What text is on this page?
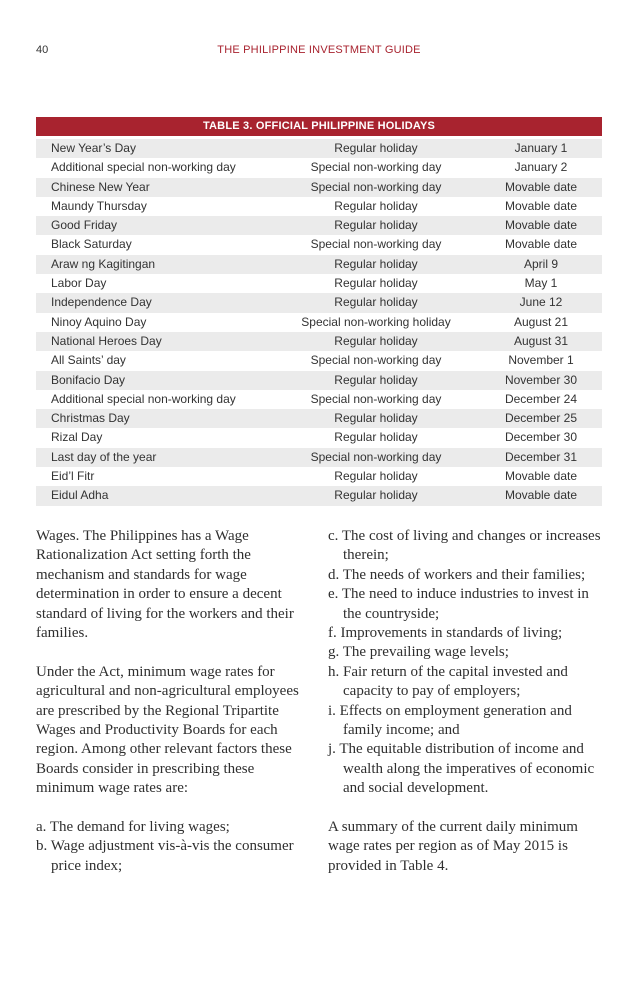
40	THE PHILIPPINE INVESTMENT GUIDE
TABLE 3. OFFICIAL PHILIPPINE HOLIDAYS
New Year’s Day	Regular holiday	January 1
Additional special non-working day	Special non-working day	January 2
Chinese New Year	Special non-working day	Movable date
Maundy Thursday	Regular holiday	Movable date
Good Friday	Regular holiday	Movable date
Black Saturday	Special non-working day	Movable date
Araw ng Kagitingan	Regular holiday	April 9
Labor Day	Regular holiday	May 1
Independence Day	Regular holiday	June 12
Ninoy Aquino Day	Special non-working holiday	August 21
National Heroes Day	Regular holiday	August 31
All Saints’ day	Special non-working day	November 1
Bonifacio Day	Regular holiday	November 30
Additional special non-working day	Special non-working day	December 24
Christmas Day	Regular holiday	December 25
Rizal Day	Regular holiday	December 30
Last day of the year	Special non-working day	December 31
Eid’l Fitr	Regular holiday	Movable date
Eidul Adha	Regular holiday	Movable date

Wages. The Philippines has a Wage Rationalization Act setting forth the mechanism and standards for wage determination in order to ensure a decent standard of living for the workers and their families.

Under the Act, minimum wage rates for agricultural and non-agricultural employees are prescribed by the Regional Tripartite Wages and Productivity Boards for each region. Among other relevant factors these Boards consider in prescribing these minimum wage rates are:

a. The demand for living wages;

b. Wage adjustment vis-à-vis the consumer price index;

c. The cost of living and changes or increases therein;

d. The needs of workers and their families;

e. The need to induce industries to invest in the countryside;

f. Improvements in standards of living;

g. The prevailing wage levels;

h. Fair return of the capital invested and capacity to pay of employers;

i. Effects on employment generation and family income; and

j. The equitable distribution of income and wealth along the imperatives of economic and social development.

A summary of the current daily minimum wage rates per region as of May 2015 is provided in Table 4.
